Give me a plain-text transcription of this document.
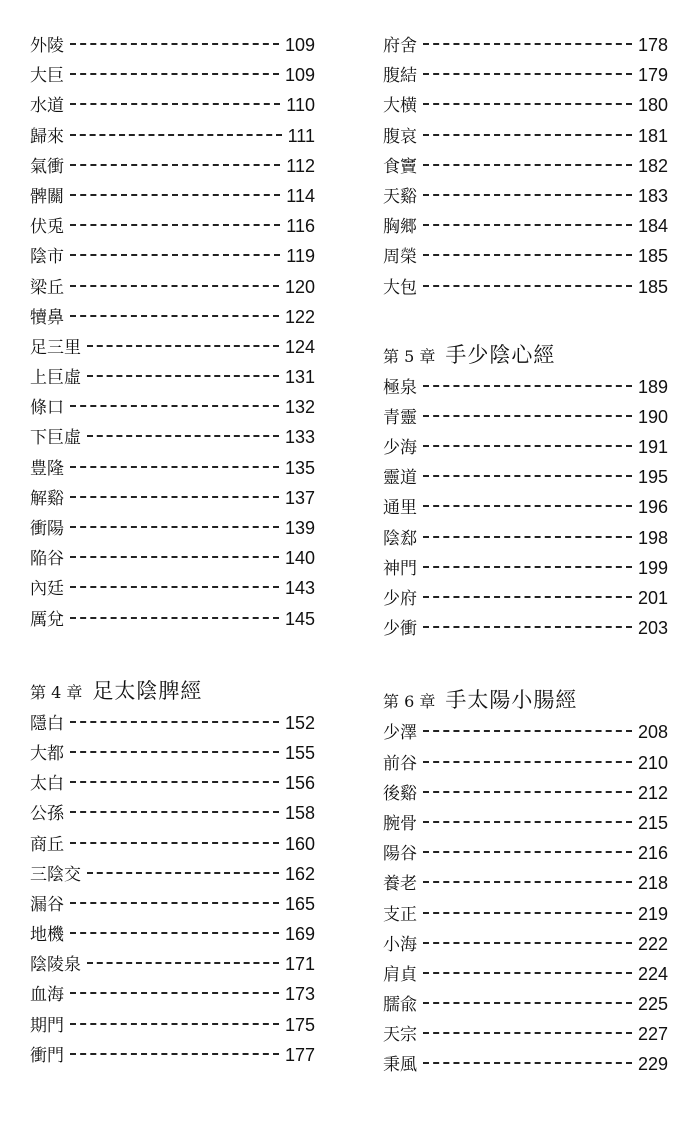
外陵	109
大巨	109
水道	110
歸來	111
氣衝	112
髀關	114
伏兎	116
陰市	119
梁丘	120
犢鼻	122
足三里	124
上巨虛	131
條口	132
下巨虛	133
豊隆	135
解谿	137
衝陽	139
陥谷	140
內廷	143
厲兌	145
第 4 章 足太陰脾經
隱白	152
大都	155
太白	156
公孫	158
商丘	160
三陰交	162
漏谷	165
地機	169
陰陵泉	171
血海	173
期門	175
衝門	177
府舍	178
腹結	179
大横	180
腹哀	181
食竇	182
天谿	183
胸郷	184
周榮	185
大包	185
第 5 章 手少陰心經
極泉	189
青靈	190
少海	191
靈道	195
通里	196
陰郄	198
神門	199
少府	201
少衝	203
第 6 章 手太陽小腸經
少澤	208
前谷	210
後谿	212
腕骨	215
陽谷	216
養老	218
支正	219
小海	222
肩貞	224
臑兪	225
天宗	227
秉風	229
